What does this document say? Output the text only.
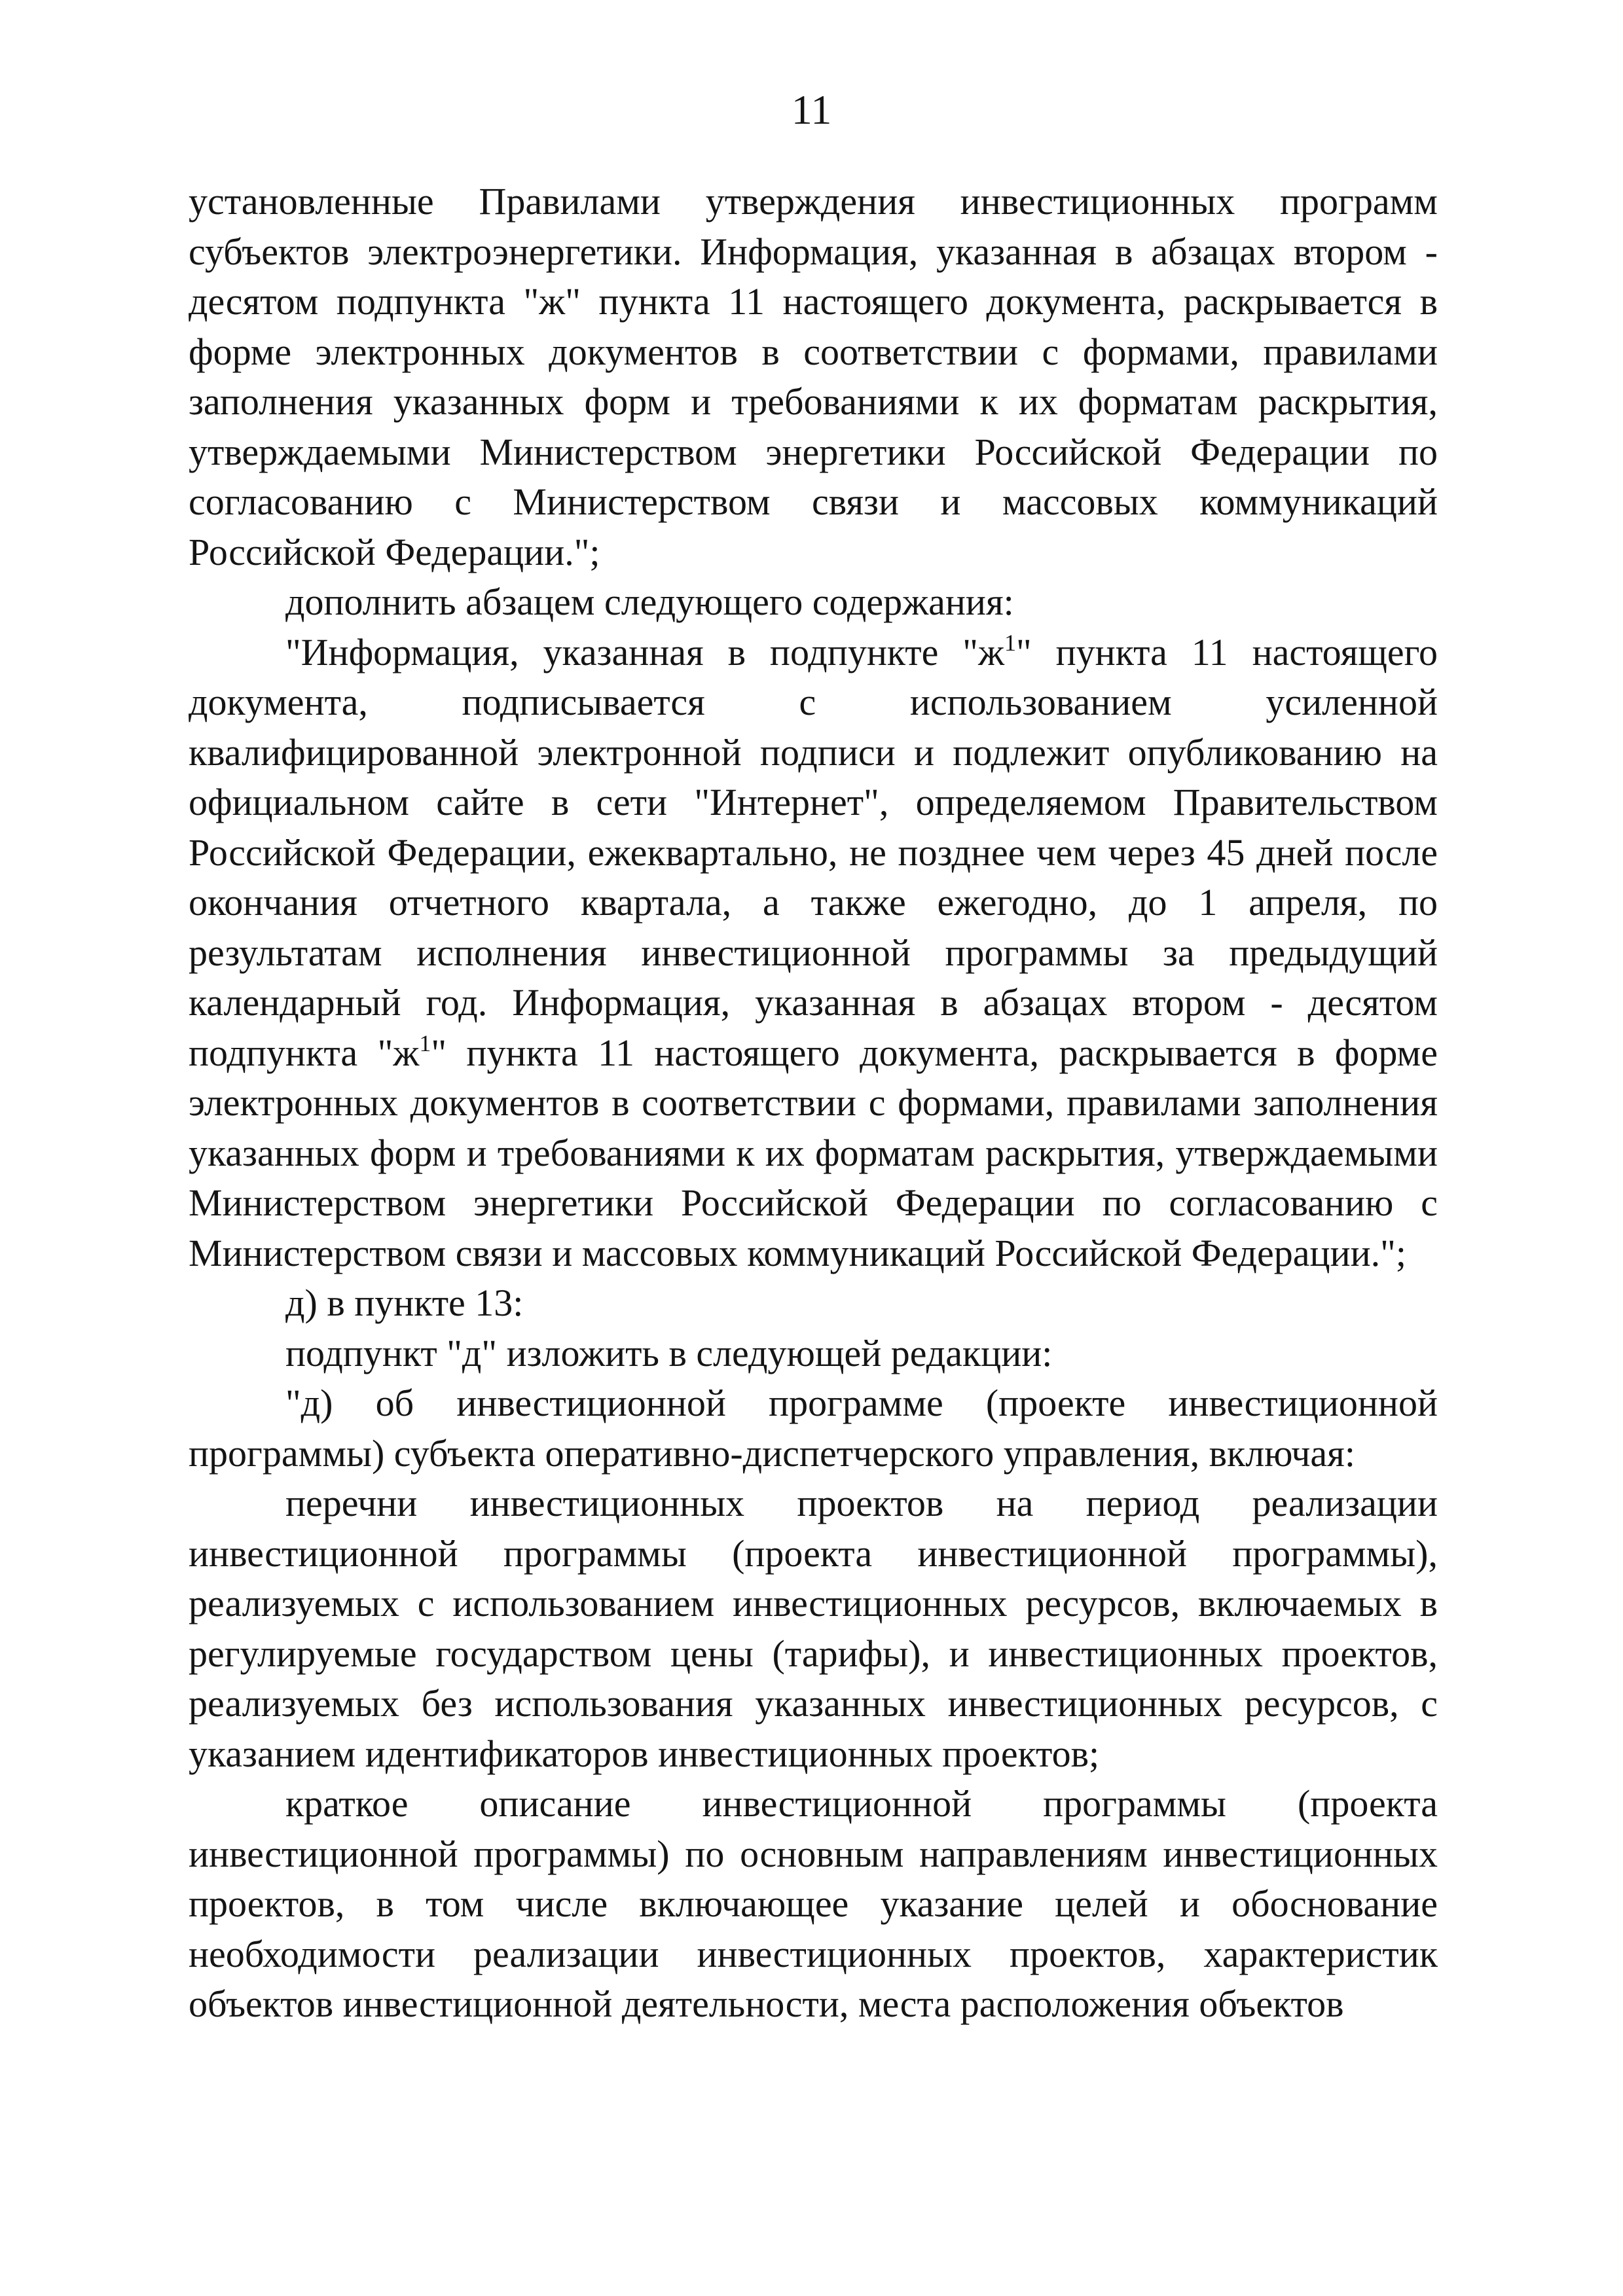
11

установленные Правилами утверждения инвестиционных программ субъектов электроэнергетики. Информация, указанная в абзацах втором - десятом подпункта "ж" пункта 11 настоящего документа, раскрывается в форме электронных документов в соответствии с формами, правилами заполнения указанных форм и требованиями к их форматам раскрытия, утверждаемыми Министерством энергетики Российской Федерации по согласованию с Министерством связи и массовых коммуникаций Российской Федерации.";

дополнить абзацем следующего содержания:

"Информация, указанная в подпункте "$ж^1$" пункта 11 настоящего документа, подписывается с использованием усиленной квалифицированной электронной подписи и подлежит опубликованию на официальном сайте в сети "Интернет", определяемом Правительством Российской Федерации, ежеквартально, не позднее чем через 45 дней после окончания отчетного квартала, а также ежегодно, до 1 апреля, по результатам исполнения инвестиционной программы за предыдущий календарный год. Информация, указанная в абзацах втором - десятом подпункта "$ж^1$" пункта 11 настоящего документа, раскрывается в форме электронных документов в соответствии с формами, правилами заполнения указанных форм и требованиями к их форматам раскрытия, утверждаемыми Министерством энергетики Российской Федерации по согласованию с Министерством связи и массовых коммуникаций Российской Федерации.";

д) в пункте 13:

подпункт "д" изложить в следующей редакции:

"д) об инвестиционной программе (проекте инвестиционной программы) субъекта оперативно-диспетчерского управления, включая:

перечни инвестиционных проектов на период реализации инвестиционной программы (проекта инвестиционной программы), реализуемых с использованием инвестиционных ресурсов, включаемых в регулируемые государством цены (тарифы), и инвестиционных проектов, реализуемых без использования указанных инвестиционных ресурсов, с указанием идентификаторов инвестиционных проектов;

краткое описание инвестиционной программы (проекта инвестиционной программы) по основным направлениям инвестиционных проектов, в том числе включающее указание целей и обоснование необходимости реализации инвестиционных проектов, характеристик объектов инвестиционной деятельности, места расположения объектов
